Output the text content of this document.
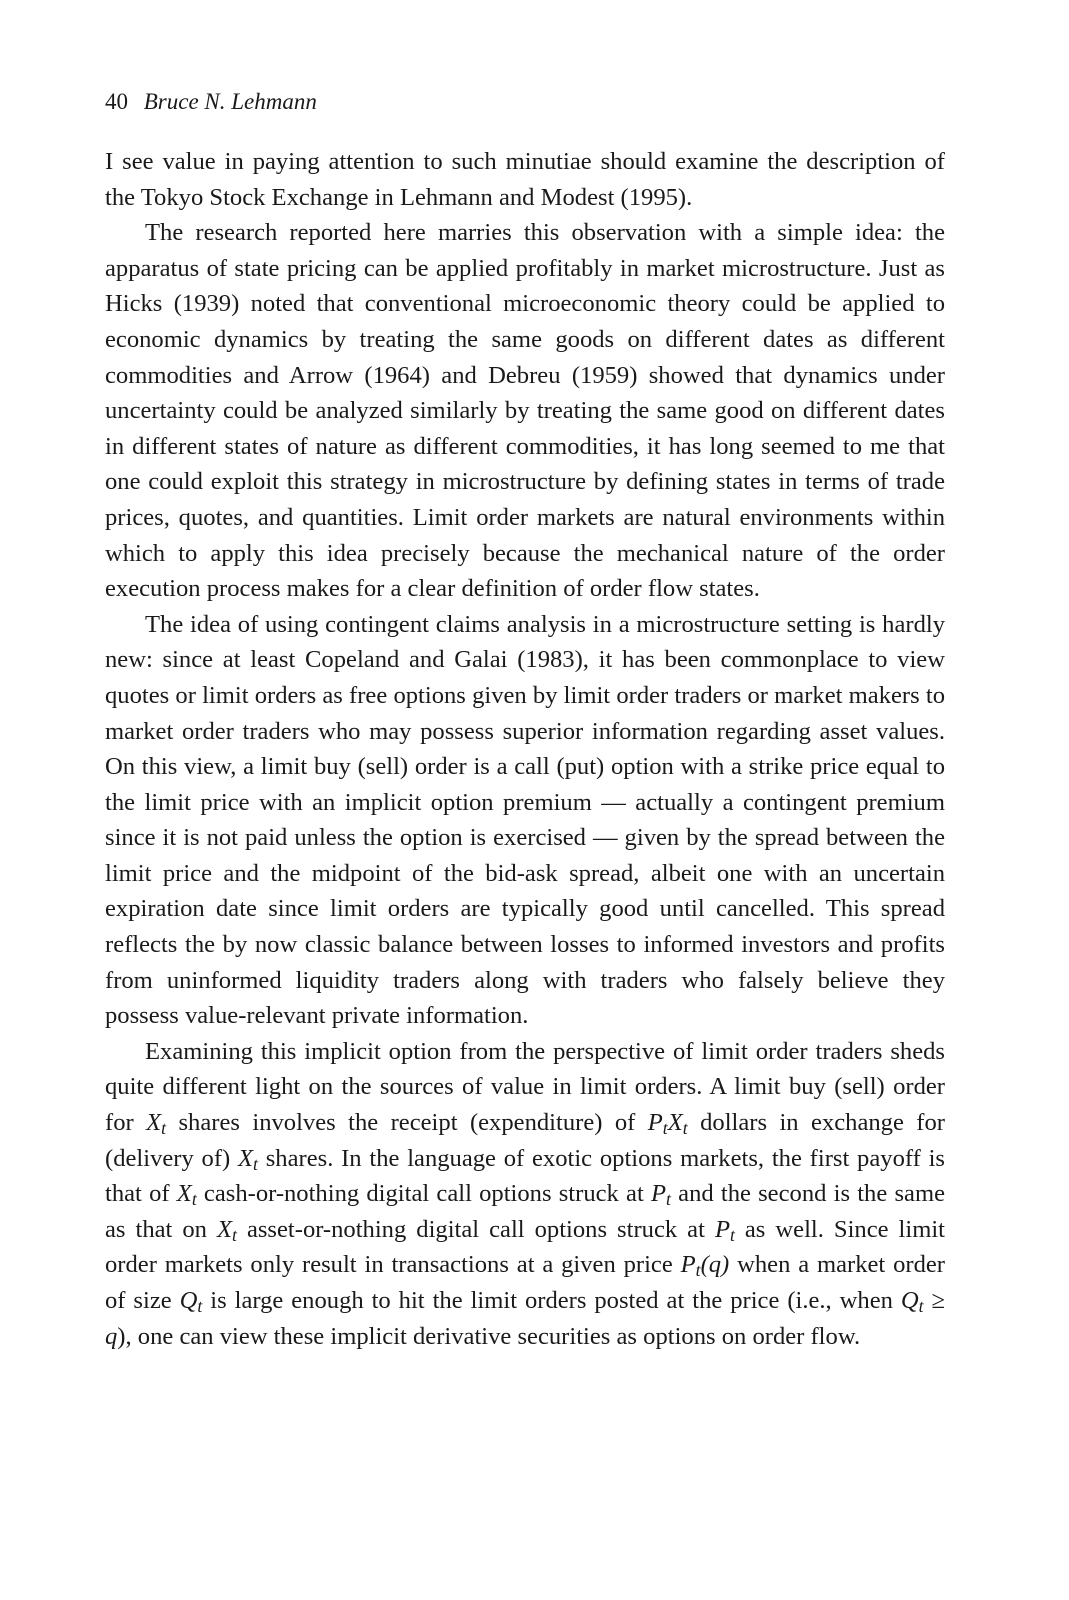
40 Bruce N. Lehmann

I see value in paying attention to such minutiae should examine the description of the Tokyo Stock Exchange in Lehmann and Modest (1995).

The research reported here marries this observation with a simple idea: the apparatus of state pricing can be applied profitably in market microstructure. Just as Hicks (1939) noted that conventional microeconomic theory could be applied to economic dynamics by treating the same goods on different dates as different commodities and Arrow (1964) and Debreu (1959) showed that dynamics under uncertainty could be analyzed similarly by treating the same good on different dates in different states of nature as different commodities, it has long seemed to me that one could exploit this strategy in microstructure by defining states in terms of trade prices, quotes, and quantities. Limit order markets are natural environments within which to apply this idea precisely because the mechanical nature of the order execution process makes for a clear definition of order flow states.

The idea of using contingent claims analysis in a microstructure setting is hardly new: since at least Copeland and Galai (1983), it has been commonplace to view quotes or limit orders as free options given by limit order traders or market makers to market order traders who may possess superior information regarding asset values. On this view, a limit buy (sell) order is a call (put) option with a strike price equal to the limit price with an implicit option premium — actually a contingent premium since it is not paid unless the option is exercised — given by the spread between the limit price and the midpoint of the bid-ask spread, albeit one with an uncertain expiration date since limit orders are typically good until cancelled. This spread reflects the by now classic balance between losses to informed investors and profits from uninformed liquidity traders along with traders who falsely believe they possess value-relevant private information.

Examining this implicit option from the perspective of limit order traders sheds quite different light on the sources of value in limit orders. A limit buy (sell) order for Xt shares involves the receipt (expenditure) of PtXt dollars in exchange for (delivery of) Xt shares. In the language of exotic options markets, the first payoff is that of Xt cash-or-nothing digital call options struck at Pt and the second is the same as that on Xt asset-or-nothing digital call options struck at Pt as well. Since limit order markets only result in transactions at a given price Pt(q) when a market order of size Qt is large enough to hit the limit orders posted at the price (i.e., when Qt ≥ q), one can view these implicit derivative securities as options on order flow.
